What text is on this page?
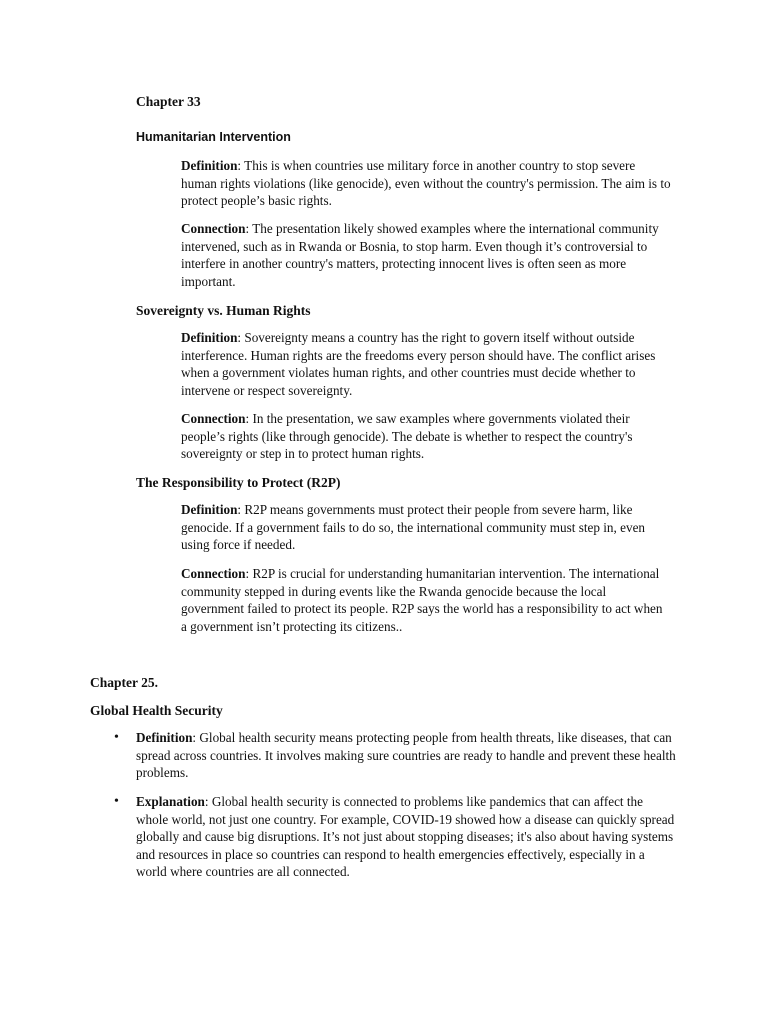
Chapter 33
Humanitarian Intervention
Definition: This is when countries use military force in another country to stop severe human rights violations (like genocide), even without the country's permission. The aim is to protect people’s basic rights.
Connection: The presentation likely showed examples where the international community intervened, such as in Rwanda or Bosnia, to stop harm. Even though it’s controversial to interfere in another country's matters, protecting innocent lives is often seen as more important.
Sovereignty vs. Human Rights
Definition: Sovereignty means a country has the right to govern itself without outside interference. Human rights are the freedoms every person should have. The conflict arises when a government violates human rights, and other countries must decide whether to intervene or respect sovereignty.
Connection: In the presentation, we saw examples where governments violated their people’s rights (like through genocide). The debate is whether to respect the country's sovereignty or step in to protect human rights.
The Responsibility to Protect (R2P)
Definition: R2P means governments must protect their people from severe harm, like genocide. If a government fails to do so, the international community must step in, even using force if needed.
Connection: R2P is crucial for understanding humanitarian intervention. The international community stepped in during events like the Rwanda genocide because the local government failed to protect its people. R2P says the world has a responsibility to act when a government isn’t protecting its citizens..
Chapter 25.
Global Health Security
• Definition: Global health security means protecting people from health threats, like diseases, that can spread across countries. It involves making sure countries are ready to handle and prevent these health problems.
• Explanation: Global health security is connected to problems like pandemics that can affect the whole world, not just one country. For example, COVID-19 showed how a disease can quickly spread globally and cause big disruptions. It’s not just about stopping diseases; it's also about having systems and resources in place so countries can respond to health emergencies effectively, especially in a world where countries are all connected.
